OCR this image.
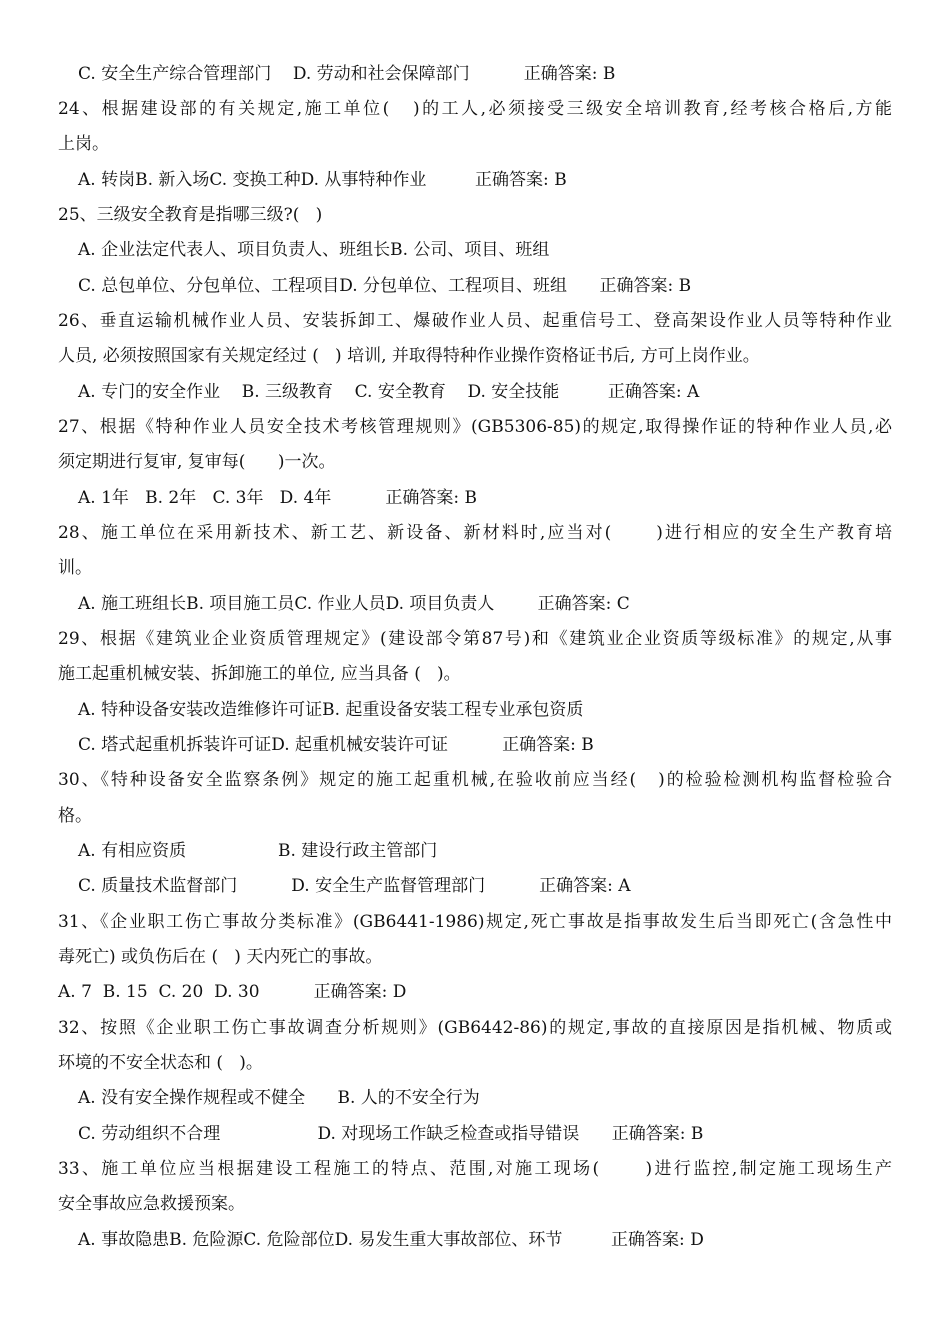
C. 安全生产综合管理部门    D. 劳动和社会保障部门          正确答案: B
24、根据建设部的有关规定,施工单位(   )的工人,必须接受三级安全培训教育,经考核合格后,方能
上岗。
A. 转岗B. 新入场C. 变换工种D. 从事特种作业         正确答案: B
25、三级安全教育是指哪三级?(   )
A. 企业法定代表人、项目负责人、班组长B. 公司、项目、班组
C. 总包单位、分包单位、工程项目D. 分包单位、工程项目、班组      正确答案: B
26、垂直运输机械作业人员、安装拆卸工、爆破作业人员、起重信号工、登高架设作业人员等特种作业
人员, 必须按照国家有关规定经过 (   ) 培训, 并取得特种作业操作资格证书后, 方可上岗作业。
A. 专门的安全作业    B. 三级教育    C. 安全教育    D. 安全技能         正确答案: A
27、根据《特种作业人员安全技术考核管理规则》(GB5306-85)的规定,取得操作证的特种作业人员,必
须定期进行复审, 复审每(      )一次。
A. 1年   B. 2年   C. 3年   D. 4年          正确答案: B
28、施工单位在采用新技术、新工艺、新设备、新材料时,应当对(      )进行相应的安全生产教育培
训。
A. 施工班组长B. 项目施工员C. 作业人员D. 项目负责人        正确答案: C
29、根据《建筑业企业资质管理规定》(建设部令第87号)和《建筑业企业资质等级标准》的规定,从事
施工起重机械安装、拆卸施工的单位, 应当具备 (   )。
A. 特种设备安装改造维修许可证B. 起重设备安装工程专业承包资质
C. 塔式起重机拆装许可证D. 起重机械安装许可证          正确答案: B
30、《特种设备安全监察条例》规定的施工起重机械,在验收前应当经(   )的检验检测机构监督检验合
格。
A. 有相应资质                 B. 建设行政主管部门
C. 质量技术监督部门          D. 安全生产监督管理部门          正确答案: A
31、《企业职工伤亡事故分类标准》(GB6441-1986)规定,死亡事故是指事故发生后当即死亡(含急性中
毒死亡) 或负伤后在 (   ) 天内死亡的事故。
A. 7  B. 15  C. 20  D. 30          正确答案: D
32、按照《企业职工伤亡事故调查分析规则》(GB6442-86)的规定,事故的直接原因是指机械、物质或
环境的不安全状态和 (   )。
A. 没有安全操作规程或不健全      B. 人的不安全行为
C. 劳动组织不合理                  D. 对现场工作缺乏检查或指导错误      正确答案: B
33、施工单位应当根据建设工程施工的特点、范围,对施工现场(      )进行监控,制定施工现场生产
安全事故应急救援预案。
A. 事故隐患B. 危险源C. 危险部位D. 易发生重大事故部位、环节         正确答案: D
